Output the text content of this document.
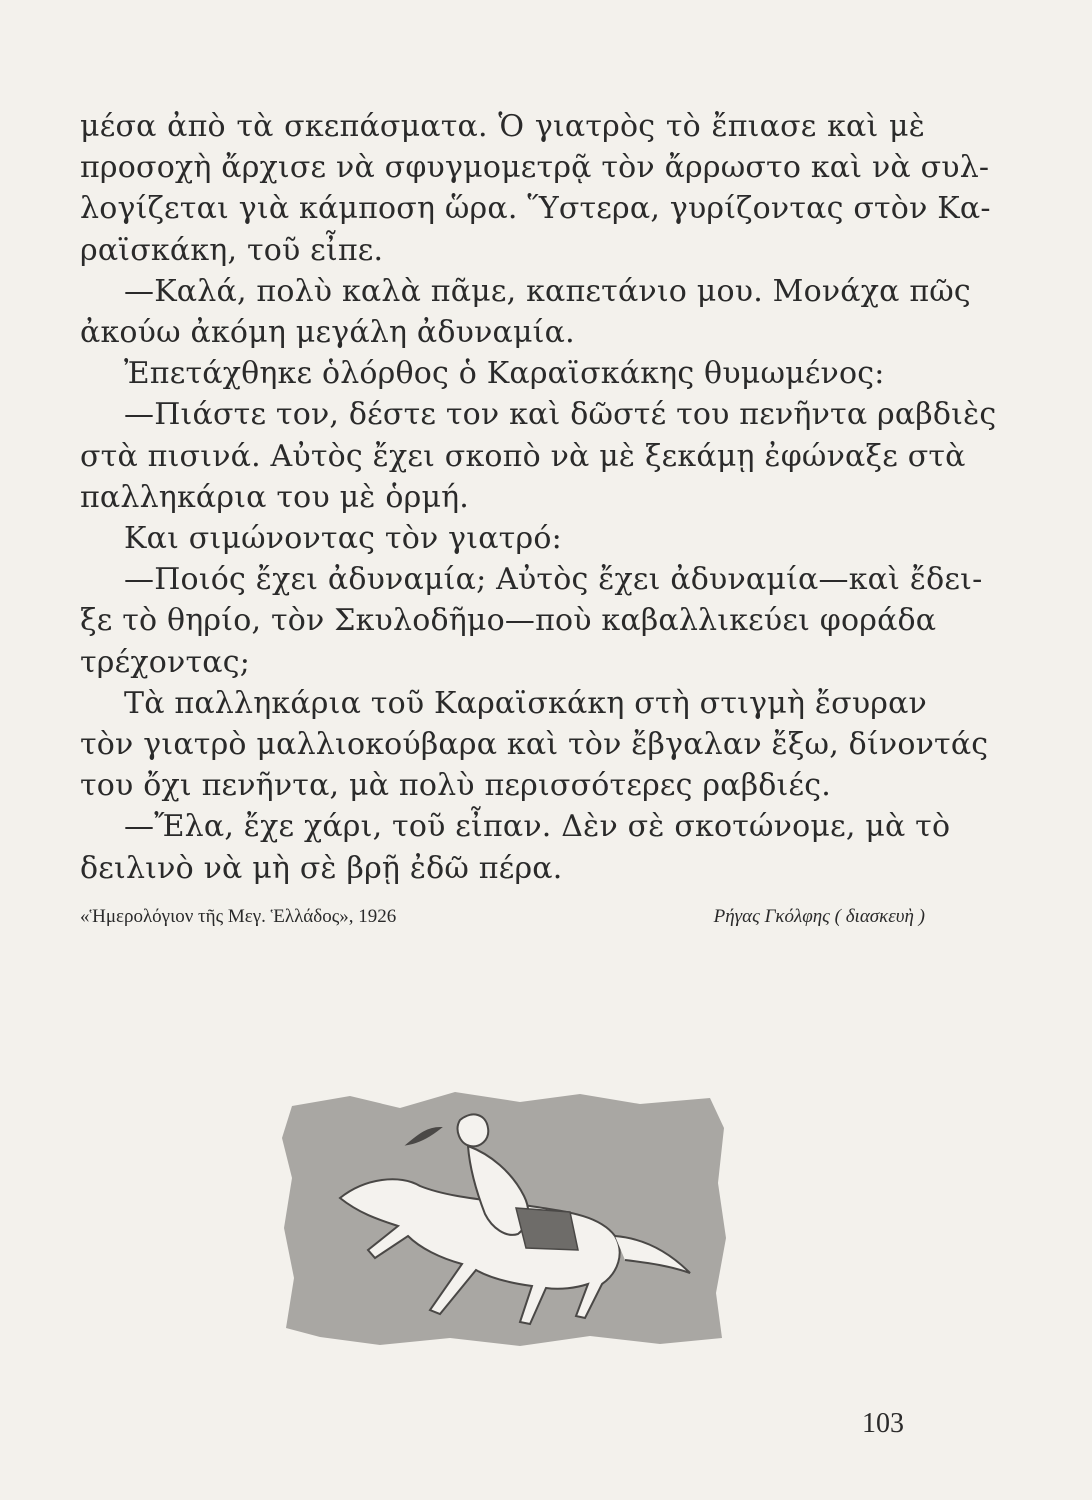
μέσα ἀπὸ τὰ σκεπάσματα. Ὁ γιατρὸς τὸ ἔπιασε καὶ μὲ
προσοχὴ ἄρχισε νὰ σφυγμομετρᾷ τὸν ἄρρωστο καὶ νὰ συλ-
λογίζεται γιὰ κάμποση ὥρα. Ὕστερα, γυρίζοντας στὸν Κα-
ραϊσκάκη, τοῦ εἶπε.
—Καλά, πολὺ καλὰ πᾶμε, καπετάνιο μου. Μονάχα πῶς
ἀκούω ἀκόμη μεγάλη ἀδυναμία.
Ἐπετάχθηκε ὁλόρθος ὁ Καραϊσκάκης θυμωμένος:
—Πιάστε τον, δέστε τον καὶ δῶστέ του πενῆντα ραβδιὲς
στὰ πισινά. Αὐτὸς ἔχει σκοπὸ νὰ μὲ ξεκάμῃ ἐφώναξε στὰ
παλληκάρια του μὲ ὁρμή.
Και σιμώνοντας τὸν γιατρό:
—Ποιός ἔχει ἀδυναμία; Αὐτὸς ἔχει ἀδυναμία—καὶ ἔδει-
ξε τὸ θηρίο, τὸν Σκυλοδῆμο—ποὺ καβαλλικεύει φοράδα
τρέχοντας;
Τὰ παλληκάρια τοῦ Καραϊσκάκη στὴ στιγμὴ ἔσυραν
τὸν γιατρὸ μαλλιοκούβαρα καὶ τὸν ἔβγαλαν ἔξω, δίνοντάς
του ὄχι πενῆντα, μὰ πολὺ περισσότερες ραβδιές.
—Ἔλα, ἔχε χάρι, τοῦ εἶπαν. Δὲν σὲ σκοτώνομε, μὰ τὸ
δειλινὸ νὰ μὴ σὲ βρῇ ἐδῶ πέρα.
«Ἡμερολόγιον τῆς Μεγ. Ἑλλάδος», 1926	Ρήγας Γκόλφης ( διασκευὴ )
103
